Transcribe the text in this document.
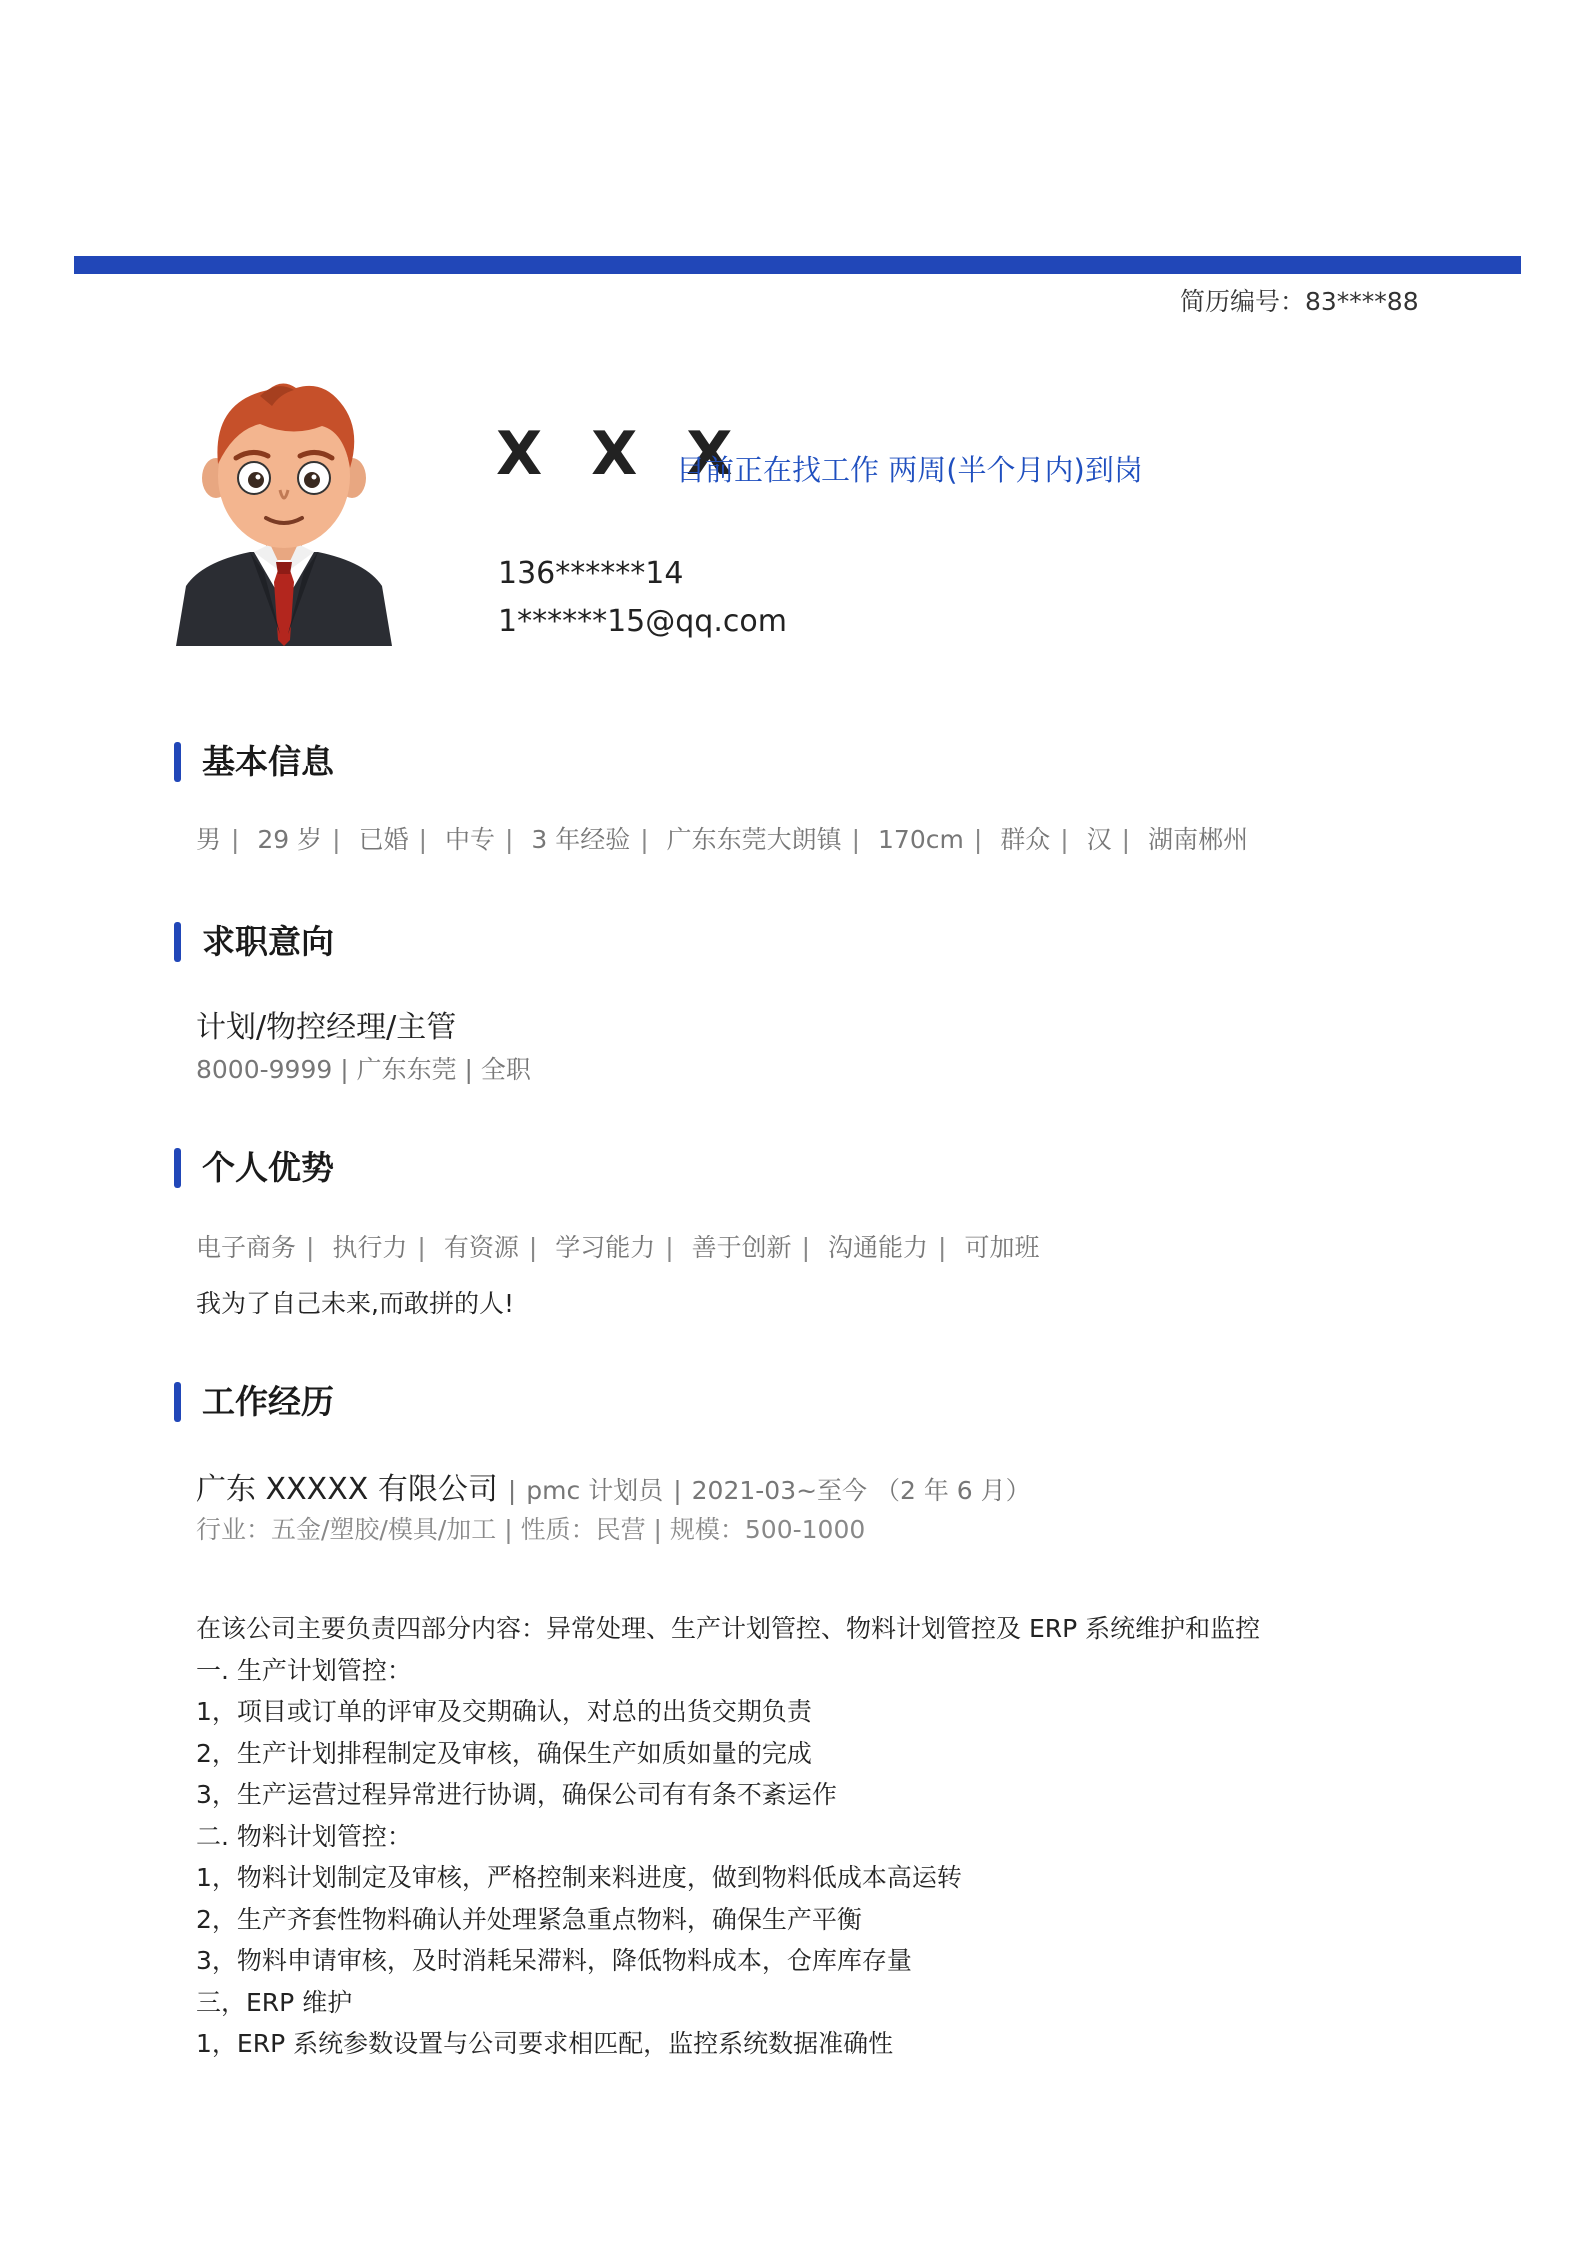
简历编号：83****88
X X X
目前正在找工作 两周(半个月内)到岗
136******14
1******15@qq.com
基本信息
男 | 29 岁 | 已婚 | 中专 | 3 年经验 | 广东东莞大朗镇 | 170cm | 群众 | 汉 | 湖南郴州
求职意向
计划/物控经理/主管
8000-9999 | 广东东莞 | 全职
个人优势
电子商务 | 执行力 | 有资源 | 学习能力 | 善于创新 | 沟通能力 | 可加班
我为了自己未来,而敢拼的人!
工作经历
广东 XXXXX 有限公司 | pmc 计划员 | 2021-03~至今 （2 年 6 月）
行业：五金/塑胶/模具/加工 | 性质：民营 | 规模：500-1000
在该公司主要负责四部分内容：异常处理、生产计划管控、物料计划管控及 ERP 系统维护和监控
一. 生产计划管控：
1，项目或订单的评审及交期确认，对总的出货交期负责
2，生产计划排程制定及审核，确保生产如质如量的完成
3，生产运营过程异常进行协调，确保公司有有条不紊运作
二. 物料计划管控：
1，物料计划制定及审核，严格控制来料进度，做到物料低成本高运转
2，生产齐套性物料确认并处理紧急重点物料，确保生产平衡
3，物料申请审核，及时消耗呆滞料，降低物料成本，仓库库存量
三，ERP 维护
1，ERP 系统参数设置与公司要求相匹配，监控系统数据准确性
